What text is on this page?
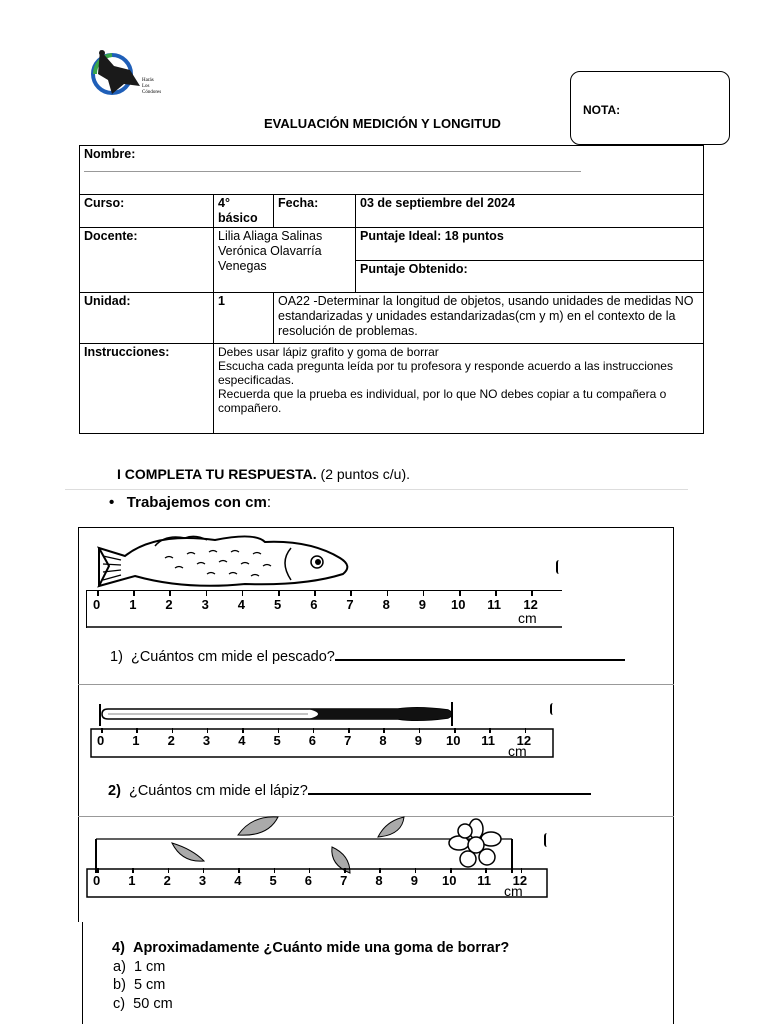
Harás
Los
Cóndores
NOTA:
EVALUACIÓN MEDICIÓN Y LONGITUD
Nombre:			

Curso:	4° básico	Fecha:	03 de septiembre del 2024
Docente:	Lilia Aliaga Salinas Verónica Olavarría Venegas		Puntaje Ideal: 18 puntos
			Puntaje Obtenido:
Unidad:	1	OA22 -Determinar la longitud de objetos, usando unidades de medidas NO estandarizadas y unidades estandarizadas(cm y m) en el contexto de la resolución de problemas.	
Instrucciones:	Debes usar lápiz grafito y goma de borrar
Escucha cada pregunta leída por tu profesora y responde acuerdo a las instrucciones especificadas.
Recuerda que la prueba es individual, por lo que NO debes copiar a tu compañera o compañero.		
I COMPLETA TU RESPUESTA. (2 puntos c/u).
•   Trabajemos con cm:
0 1 2 3 4 5 6 7 8 9 10 11 12
cm
1) ¿Cuántos cm mide el pescado?
0 1 2 3 4 5 6 7 8 9 10 11 12
cm
2) ¿Cuántos cm mide el lápiz?
0 1 2 3 4 5 6 7 8 9 10 11 12
cm
4) Aproximadamente ¿Cuánto mide una goma de borrar?
a) 1 cm
b) 5 cm
c) 50 cm
